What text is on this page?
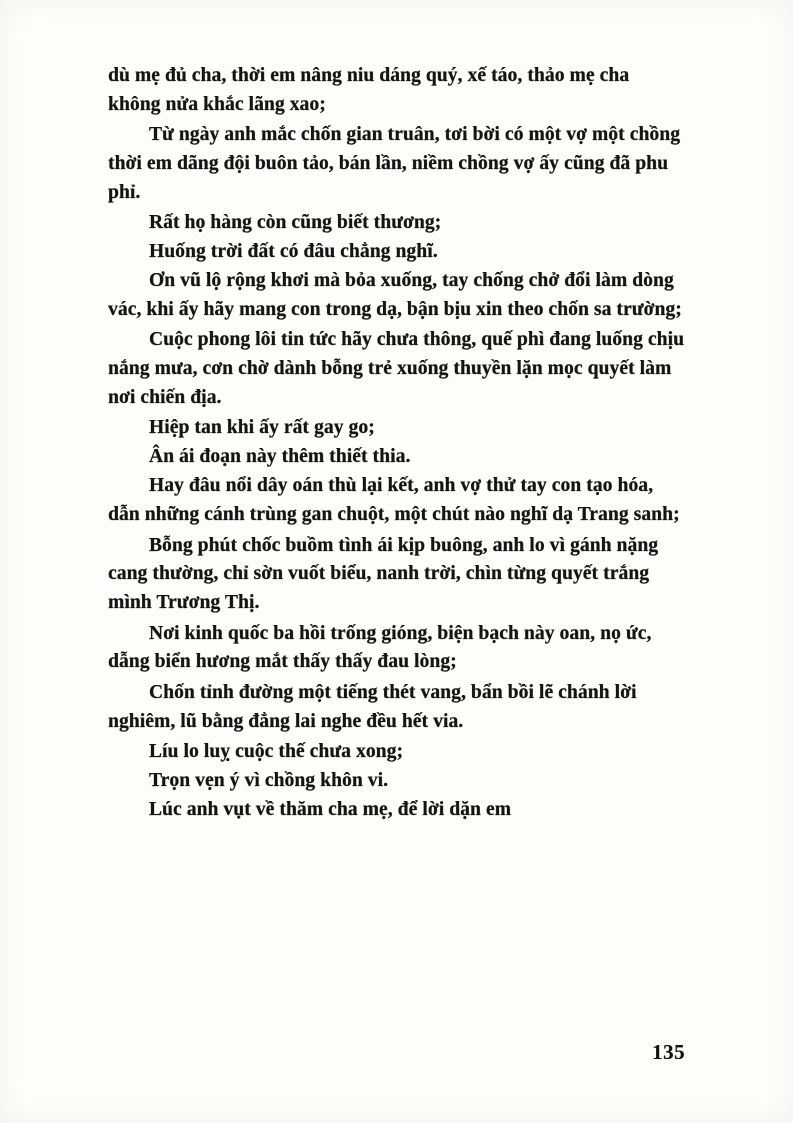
dù mẹ đủ cha, thời em nâng niu dáng quý, xế táo, thảo mẹ cha không nửa khắc lãng xao;

Từ ngày anh mắc chốn gian truân, tơi bời có một vợ một chồng thời em dãng đội buôn tảo, bán lần, niềm chồng vợ ấy cũng đã phu phỉ.

Rất họ hàng còn cũng biết thương;

Huống trời đất có đâu chẳng nghĩ.

Ơn vũ lộ rộng khơi mà bỏa xuống, tay chống chở đổi làm dòng vác, khi ấy hãy mang con trong dạ, bận bịu xin theo chốn sa trường;

Cuộc phong lôi tin tức hãy chưa thông, quế phì đang luống chịu nắng mưa, cơn chờ dành bỗng trẻ xuống thuyền lặn mọc quyết làm nơi chiến địa.

Hiệp tan khi ấy rất gay go;

Ân ái đoạn này thêm thiết thia.

Hay đâu nổi dây oán thù lại kết, anh vợ thử tay con tạo hóa, dẫn những cánh trùng gan chuột, một chút nào nghĩ dạ Trang sanh;

Bỗng phút chốc buồm tình ái kịp buông, anh lo vì gánh nặng cang thường, chỉ sờn vuốt biểu, nanh trời, chìn từng quyết trắng mình Trương Thị.

Nơi kinh quốc ba hồi trống gióng, biện bạch này oan, nọ ức, dẫng biển hương mắt thấy thấy đau lòng;

Chốn tỉnh đường một tiếng thét vang, bẩn bồi lẽ chánh lời nghiêm, lũ bằng đẳng lai nghe đều hết via.

Líu lo luỵ cuộc thế chưa xong;

Trọn vẹn ý vì chồng khôn vi.

Lúc anh vụt về thăm cha mẹ, để lời dặn em

135
